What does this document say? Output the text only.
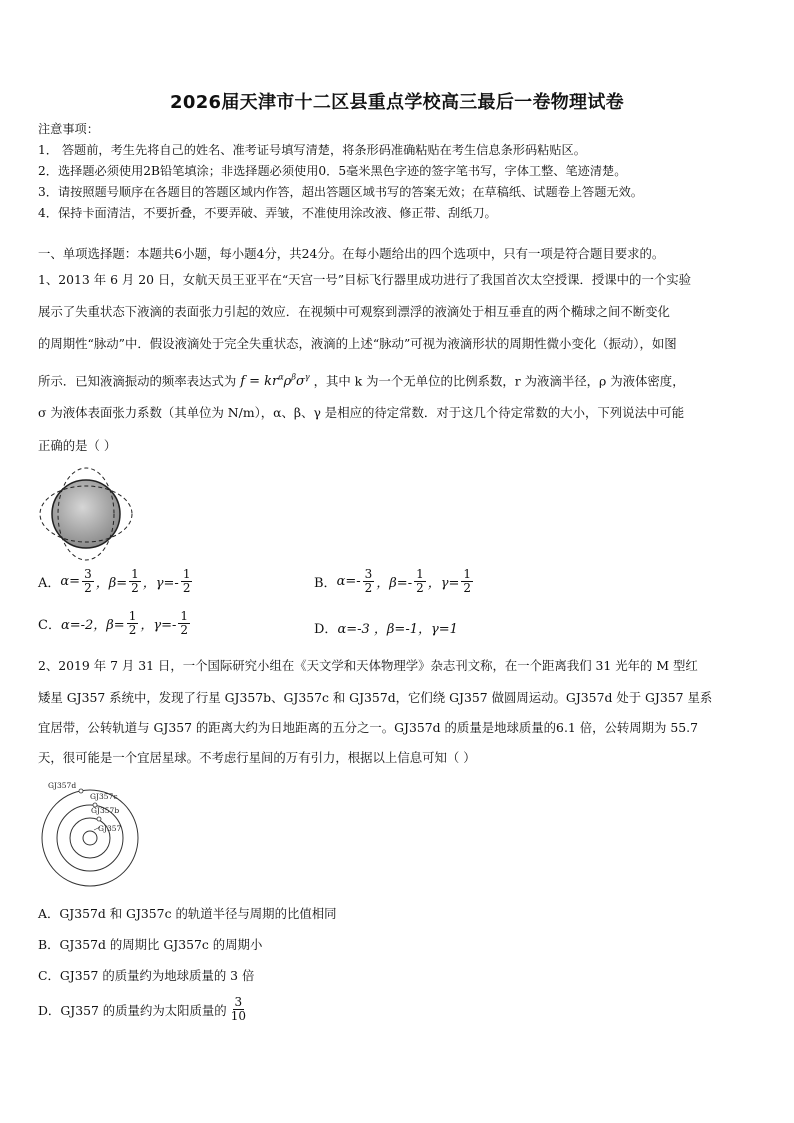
2026届天津市十二区县重点学校高三最后一卷物理试卷
注意事项：
1． 答题前，考生先将自己的姓名、准考证号填写清楚，将条形码准确粘贴在考生信息条形码粘贴区。
2．选择题必须使用2B铅笔填涂；非选择题必须使用0．5毫米黑色字迹的签字笔书写，字体工整、笔迹清楚。
3．请按照题号顺序在各题目的答题区域内作答，超出答题区域书写的答案无效；在草稿纸、试题卷上答题无效。
4．保持卡面清洁，不要折叠，不要弄破、弄皱，不准使用涂改液、修正带、刮纸刀。
一、单项选择题：本题共6小题，每小题4分，共24分。在每小题给出的四个选项中，只有一项是符合题目要求的。
1、2013 年 6 月 20 日，女航天员王亚平在“天宫一号”目标飞行器里成功进行了我国首次太空授课．授课中的一个实验
展示了失重状态下液滴的表面张力引起的效应．在视频中可观察到漂浮的液滴处于相互垂直的两个椭球之间不断变化
的周期性“脉动”中．假设液滴处于完全失重状态，液滴的上述“脉动”可视为液滴形状的周期性微小变化（振动），如图
所示．已知液滴振动的频率表达式为 $f = kr^\alpha\rho^\beta\sigma^\gamma$ ，其中 k 为一个无单位的比例系数，r 为液滴半径，ρ 为液体密度，
σ 为液体表面张力系数（其单位为 N/m），α、β、γ 是相应的待定常数．对于这几个待定常数的大小，下列说法中可能
正确的是（ ）
A． $\alpha= \frac{3}{2}$ ，$\beta= \frac{1}{2}$ ，$\gamma=- \frac{1}{2}$	B． $\alpha=- \frac{3}{2}$ ，$\beta=- \frac{1}{2}$ ，$\gamma= \frac{1}{2}$
C． α=-2，$\beta= \frac{1}{2}$ ，$\gamma=- \frac{1}{2}$	D． α=-3 ，β=-1，γ=1
2、2019 年 7 月 31 日，一个国际研究小组在《天文学和天体物理学》杂志刊文称，在一个距离我们 31 光年的 M 型红
矮星 GJ357 系统中，发现了行星 GJ357b、GJ357c 和 GJ357d，它们绕 GJ357 做圆周运动。GJ357d 处于 GJ357 星系
宜居带，公转轨道与 GJ357 的距离大约为日地距离的五分之一。GJ357d 的质量是地球质量的6.1 倍，公转周期为 55.7
天，很可能是一个宜居星球。不考虑行星间的万有引力，根据以上信息可知（ ）
GJ357d
GJ357c
GJ357b
GJ357
A．GJ357d 和 GJ357c 的轨道半径与周期的比值相同
B．GJ357d 的周期比 GJ357c 的周期小
C．GJ357 的质量约为地球质量的 3 倍
D．GJ357 的质量约为太阳质量的 $\frac{3}{10}$
